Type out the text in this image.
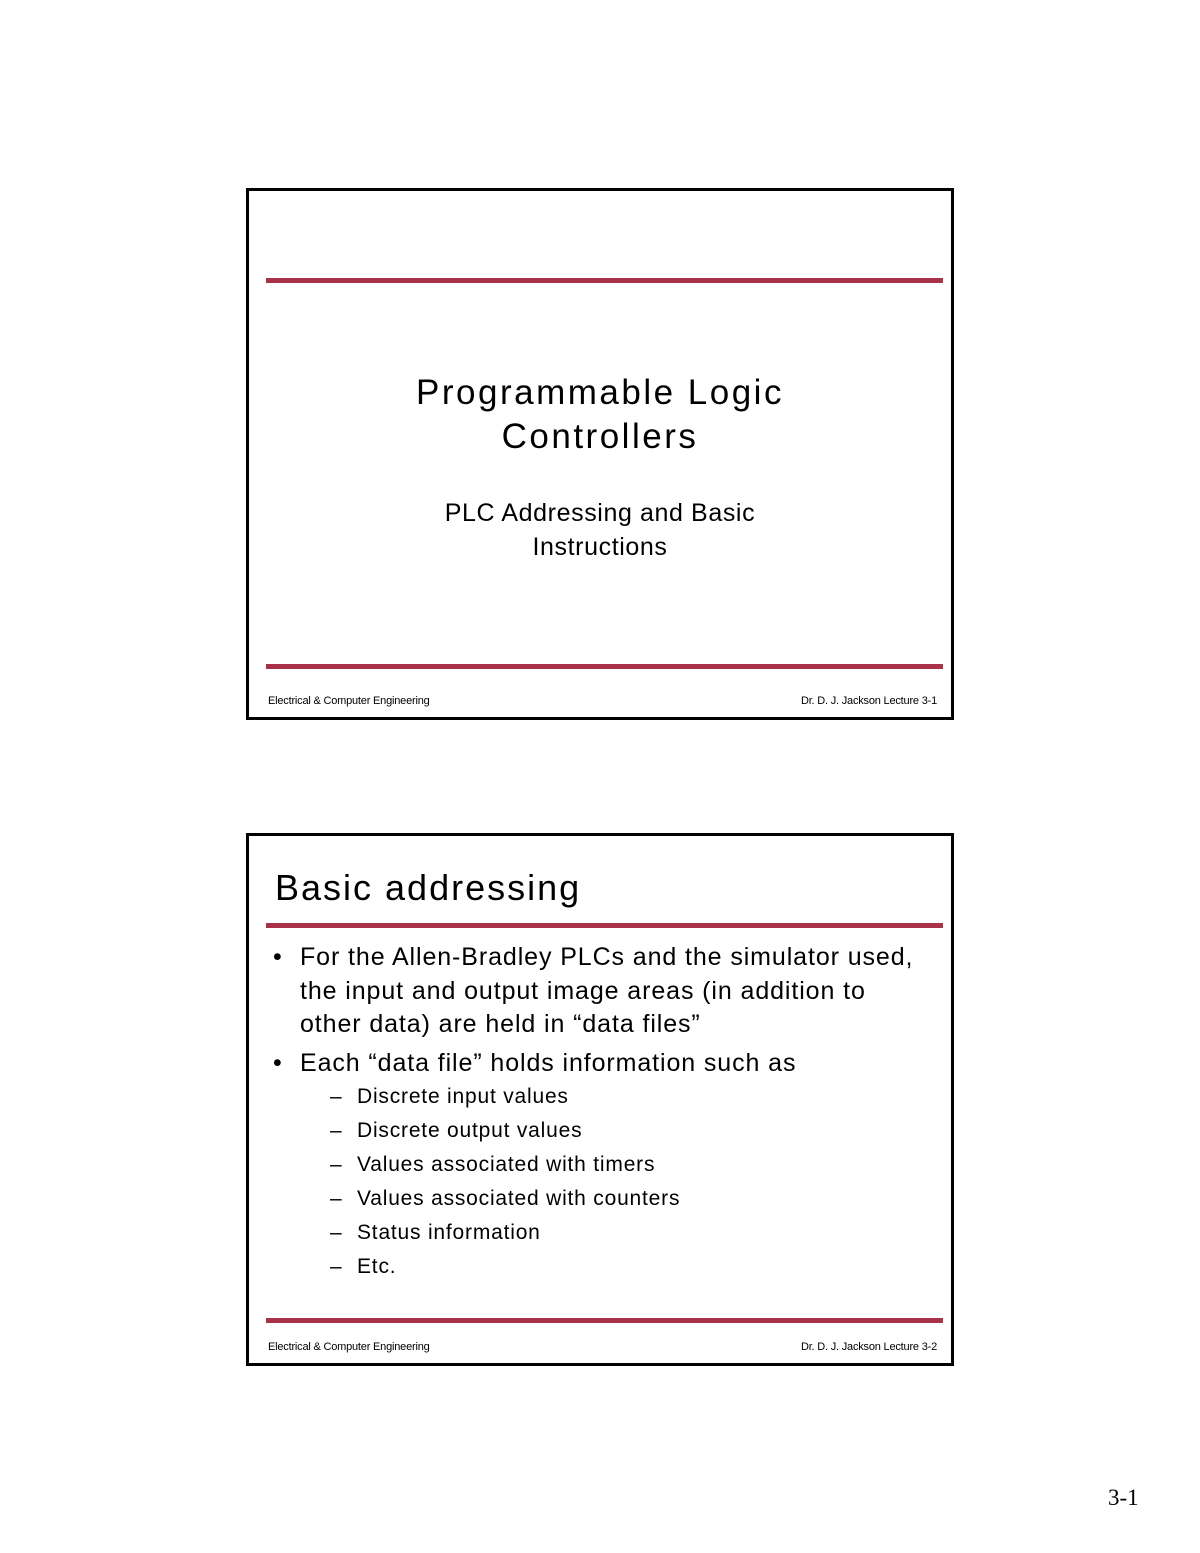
Programmable Logic
Controllers
PLC Addressing and Basic
Instructions
Electrical & Computer Engineering	Dr. D. J. Jackson Lecture 3-1
Basic addressing
• For the Allen-Bradley PLCs and the simulator used, the input and output image areas (in addition to other data) are held in “data files”
• Each “data file” holds information such as
– Discrete input values
– Discrete output values
– Values associated with timers
– Values associated with counters
– Status information
– Etc.
Electrical & Computer Engineering	Dr. D. J. Jackson Lecture 3-2
3-1
